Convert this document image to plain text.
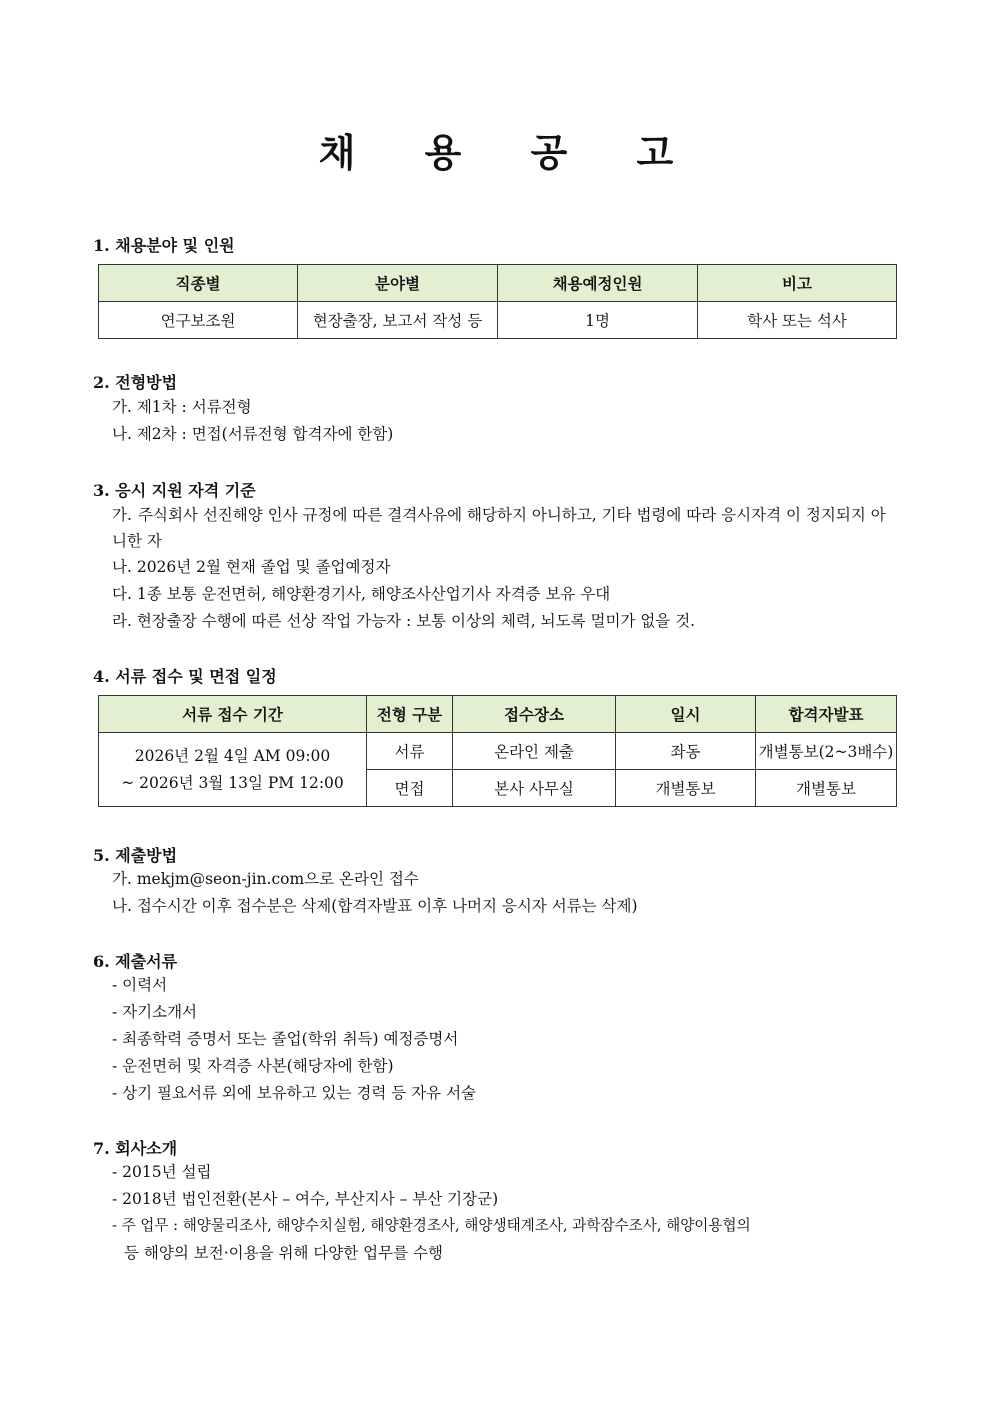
채 용 공 고
1. 채용분야 및 인원
직종별	분야별	채용예정인원	비고
연구보조원	현장출장, 보고서 작성 등	1명	학사 또는 석사
2. 전형방법
가. 제1차 : 서류전형
나. 제2차 : 면접(서류전형 합격자에 한함)
3. 응시 지원 자격 기준
가. 주식회사 선진해양 인사 규정에 따른 결격사유에 해당하지 아니하고, 기타 법령에 따라 응시자격 이 정지되지 아니한 자
나. 2026년 2월 현재 졸업 및 졸업예정자
다. 1종 보통 운전면허, 해양환경기사, 해양조사산업기사 자격증 보유 우대
라. 현장출장 수행에 따른 선상 작업 가능자 : 보통 이상의 체력, 뇌도록 멀미가 없을 것.
4. 서류 접수 및 면접 일정
서류 접수 기간	전형 구분	접수장소	일시	합격자발표

2026년 2월 4일 AM 09:00
~ 2026년 3월 13일 PM 12:00	서류	온라인 제출	좌동	개별통보(2~3배수)
	면접	본사 사무실	개별통보	개별통보
5. 제출방법
가. mekjm@seon-jin.com으로 온라인 접수
나. 접수시간 이후 접수분은 삭제(합격자발표 이후 나머지 응시자 서류는 삭제)
6. 제출서류
- 이력서
- 자기소개서
- 최종학력 증명서 또는 졸업(학위 취득) 예정증명서
- 운전면허 및 자격증 사본(해당자에 한함)
- 상기 필요서류 외에 보유하고 있는 경력 등 자유 서술
7. 회사소개
- 2015년 설립
- 2018년 법인전환(본사 – 여수, 부산지사 – 부산 기장군)
- 주 업무 : 해양물리조사, 해양수치실험, 해양환경조사, 해양생태계조사, 과학잠수조사, 해양이용협의
등 해양의 보전·이용을 위해 다양한 업무를 수행
